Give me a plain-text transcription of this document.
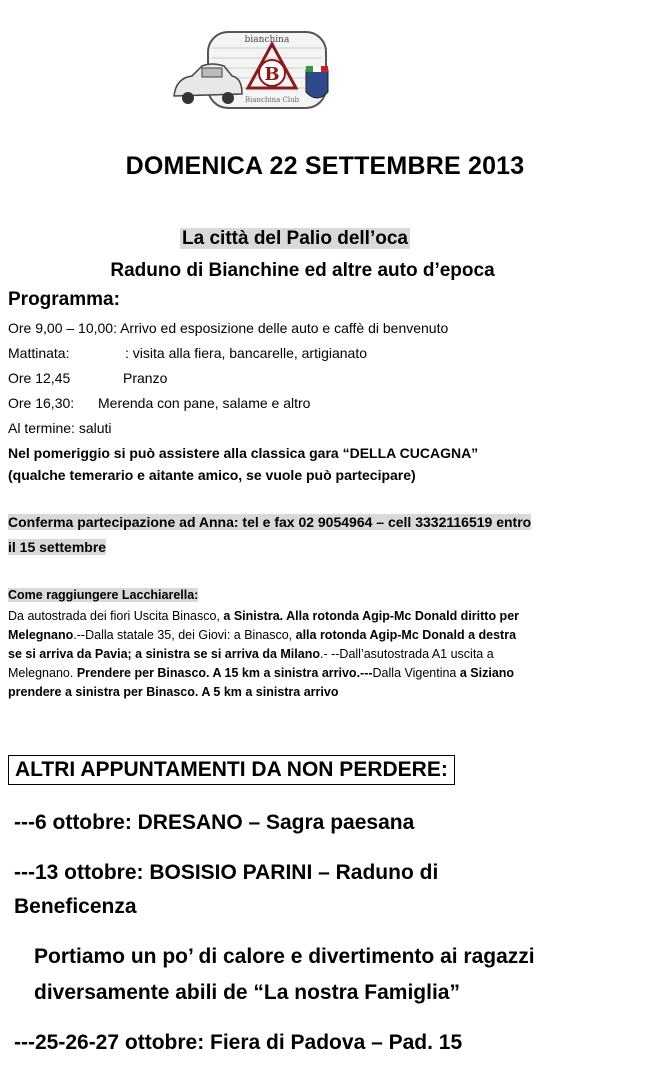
bianchina
B
Bianchina Club
DOMENICA 22 SETTEMBRE 2013
La città del Palio dell’oca
Raduno di Bianchine ed altre auto d’epoca
Programma:
Ore 9,00 – 10,00: Arrivo ed esposizione delle auto e caffè di benvenuto
Mattinata:	: visita alla fiera, bancarelle, artigianato
Ore 12,45	Pranzo
Ore 16,30: Merenda con pane, salame e altro
Al termine: saluti
Nel pomeriggio si può assistere alla classica gara “DELLA CUCAGNA”
(qualche temerario e aitante amico, se vuole può partecipare)
Conferma partecipazione ad Anna: tel e fax 02 9054964 – cell 3332116519 entro
il 15 settembre
Come raggiungere Lacchiarella:
Da autostrada dei fiori Uscita Binasco, a Sinistra. Alla rotonda Agip-Mc Donald diritto per
Melegnano.--Dalla statale 35, dei Giovi: a Binasco, alla rotonda Agip-Mc Donald a destra
se si arriva da Pavia; a sinistra se si arriva da Milano.- --Dall’asutostrada A1 uscita a
Melegnano. Prendere per Binasco. A 15 km a sinistra arrivo.---Dalla Vigentina a Siziano
prendere a sinistra per Binasco. A 5 km a sinistra arrivo
ALTRI APPUNTAMENTI DA NON PERDERE:
---6 ottobre: DRESANO – Sagra paesana
---13 ottobre: BOSISIO PARINI – Raduno di
Beneficenza
Portiamo un po’ di calore e divertimento ai ragazzi
diversamente abili de “La nostra Famiglia”
---25-26-27 ottobre: Fiera di Padova – Pad. 15
